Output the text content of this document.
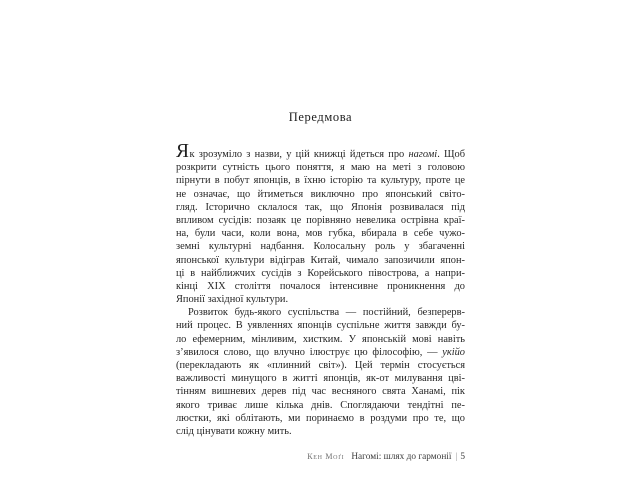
Передмова
Як зрозуміло з назви, у цій книжці йдеться про нагомі. Щоб
розкрити сутність цього поняття, я маю на меті з головою
пірнути в побут японців, в їхню історію та культуру, проте це
не означає, що йтиметься виключно про японський світо-
гляд. Історично склалося так, що Японія розвивалася під
впливом сусідів: позаяк це порівняно невелика острівна краї-
на, були часи, коли вона, мов губка, вбирала в себе чужо-
земні культурні надбання. Колосальну роль у збагаченні
японської культури відіграв Китай, чимало запозичили япон-
ці в найближчих сусідів з Корейського півострова, а напри-
кінці XIX століття почалося інтенсивне проникнення до
Японії західної культури.
Розвиток будь-якого суспільства — постійний, безперерв-
ний процес. В уявленнях японців суспільне життя завжди бу-
ло ефемерним, мінливим, хистким. У японській мові навіть
з’явилося слово, що влучно ілюструє цю філософію, — укійо
(перекладають як «плинний світ»). Цей термін стосується
важливості минущого в житті японців, як-от милування цві-
тінням вишневих дерев під час весняного свята Ханамі, пік
якого триває лише кілька днів. Споглядаючи тендітні пе-
люстки, які облітають, ми поринаємо в роздуми про те, що
слід цінувати кожну мить.
Кен Моґі Нагомі: шлях до гармонії | 5
